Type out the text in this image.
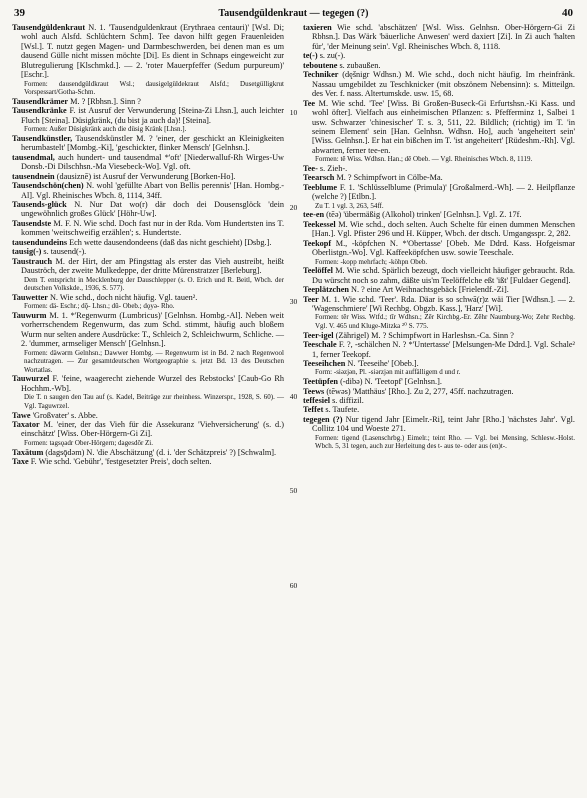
39	Tausendgüldenkraut — tegegen (?)	40

Tausendgüldenkraut N. 1. 'Tausendguldenkraut (Erythraea centauri)' [Wsl. Di; wohl auch Alsfd. Schlüchtern Schm]. Tee davon hilft gegen Frauenleiden [Wsl.]. T. nutzt gegen Magen- und Darmbeschwerden, bei denen man es um dausend Gülle nicht missen möchte [Di]. Es dient in Schnaps eingeweicht zur Blutregulierung [Klschmkd.]. — 2. 'roter Mauerpfeffer (Sedum purpureum)' [Eschr.].

Formen: dausendgüldkraut Wsl.; dausigelgüldekraut Alsfd.; Dusetgülligkrut Vorspessart/Gotha-Schm.

Tausendkrämer M. ? [Rbhsn.]. Sinn ?

Tausendkränke F. ist Ausruf der Verwunderung [Steina-Zi Lhsn.], auch leichter Fluch [Steina]. Düsigkränk, (du bist ja auch da)! [Steina].

Formen: Außer Düsigkränk auch die düsig Kränk [Lhsn.].

Tausendkünstler, Tausendskünstler M. ? 'einer, der geschickt an Kleinigkeiten herumbastelt' [Mombg.-Ki], 'geschickter, flinker Mensch' [Gelnhsn.].

tausendmal, auch hundert- und tausendmal *'oft' [Niederwalluf-Rh Wirges-Uw Donsb.-Di Dilschhsn.-Ma Viesebeck-Wo]. Vgl. oft.

tausendnein (dausiznē) ist Ausruf der Verwunderung [Borken-Ho].

Tausendschön(chen) N. wohl 'gefüllte Abart von Bellis perennis' [Han. Hombg.-Al]. Vgl. Rheinisches Wbch. 8, 1114, 34ff.

Tausends-glück N. Nur Dat wo(r) där doch dei Dousensglöck 'dein ungewöhnlich großes Glück' [Höhr-Uw].

Tausendste M. F. N. Wie schd. Doch fast nur in der Rda. Vom Hundertsten ins T. kommen 'weitschweifig erzählen'; s. Hundertste.

tausendundeins Ech wette dausendondeens (daß das nicht geschieht) [Dsbg.].

tausig(-) s. tausend(-).

Taustrauch M. der Hirt, der am Pfingsttag als erster das Vieh austreibt, heißt Dauströch, der zweite Mulkedeppe, der dritte Mürenstratzer [Berleburg].

Dem T. entspricht in Mecklenburg der Dauschlepper (s. O. Erich und R. Beitl, Wbch. der deutschen Volkskde., 1936, S. 577).

Tauwetter N. Wie schd., doch nicht häufig. Vgl. tauen².

Formen: dä- Eschr.; dǭ- Lhsn.; dū- Obeb.; dǫyə- Rho.

Tauwurm M. 1. *'Regenwurm (Lumbricus)' [Gelnhsn. Hombg.-Al]. Neben weit vorherrschendem Regenwurm, das zum Schd. stimmt, häufig auch bloßem Wurm nur selten andere Ausdrücke: T., Schleich 2, Schleichwurm, Schliche. — 2. 'dummer, armseliger Mensch' [Gelnhsn.].

Formen: däwərm Gelnhsn.; Dawwer Hombg. — Regenwurm ist in Bd. 2 nach Regenwool nachzutragen. — Zur gesamtdeutschen Wortgeographie s. jetzt Bd. 13 des Deutschen Wortatlas.

Tauwurzel F. 'feine, waagerecht ziehende Wurzel des Rebstocks' [Caub-Go Rh Hochhm.-Wb].

Die T. n saugen den Tau auf (s. Kadel, Beiträge zur rheinhess. Winzerspr., 1928, S. 60). — Vgl. Taguwrzel.

Tawe 'Großvater' s. Abbe.

Taxator M. 'einer, der das Vieh für die Assekuranz 'Viehversicherung' (s. d.) einschätzt' [Wiss. Ober-Hörgern-Gi Zi].

Formen: tagsǫadr Ober-Hörgern; dagesdōr Zi.

Taxātum (dagsǭdəm) N. 'die Abschätzung' (d. i. 'der Schätzpreis' ?) [Schwalm].

Taxe F. Wie schd. 'Gebühr', 'festgesetzter Preis', doch selten.

10
20
30
40
50
60

taxieren Wie schd. 'abschätzen' [Wsl. Wiss. Gelnhsn. Ober-Hörgern-Gi Zi Rbhsn.]. Das Wärk 'bäuerliche Anwesen' werd daxiert [Zi]. In Zi auch 'halten für', 'der Meinung sein'. Vgl. Rheinisches Wbch. 8, 1118.

te(-) s. zu(-).

teboutene s. zubaußen.

Techniker (dęšnigr Wdhsn.) M. Wie schd., doch nicht häufig. Im rheinfränk. Nassau umgebildet zu Teschknicker (mit obszönem Nebensinn): s. Mitteilgn. des Ver. f. nass. Altertumskde. usw. 15, 68.

Tee M. Wie schd. 'Tee' [Wiss. Bi Großen-Buseck-Gi Erfurtshsn.-Ki Kass. und wohl öfter]. Vielfach aus einheimischen Pflanzen: s. Pfefferminz 1, Salbei 1 usw. Schwarzer 'chinesischer' T. s. 3, 511, 22. Bildlich; (richtig) im T. 'in seinem Element' sein [Han. Gelnhsn. Wdhsn. Ho], auch 'angeheitert sein' [Wiss. Gelnhsn.]. Er hat ein bißchen im T. 'ist angeheitert' [Rüdeshm.-Rh]. Vgl. abwarten, ferner tee-en.

Formen: tē Wiss. Wdhsn. Han.; dē Obeb. — Vgl. Rheinisches Wbch. 8, 1119.

Tee- s. Zieh-.

Teearsch M. ? Schimpfwort in Cölbe-Ma.

Teeblume F. 1. 'Schlüsselblume (Primula)' [Großalmerd.-Wh]. — 2. Heilpflanze (welche ?) [Etlbn.].

Zu T. 1 vgl. 3, 263, 54ff.

tee-en (tēə) 'übermäßig (Alkohol) trinken' [Gelnhsn.]. Vgl. Z. 17f.

Teekessel M. Wie schd., doch selten. Auch Schelte für einen dummen Menschen [Han.]. Vgl. Pfister 296 und H. Küpper, Wbch. der dtsch. Umgangsspr. 2, 282.

Teekopf M., -köpfchen N. *'Obertasse' [Obeb. Me Ddrd. Kass. Hofgeismar Oberlistgn.-Wo]. Vgl. Kaffeeköpfchen usw. sowie Teeschale.

Formen: -kopp mehrfach; -köhpn Obeb.

Teelöffel M. Wie schd. Spärlich bezeugt, doch vielleicht häufiger gebraucht. Rda. Du würscht noch so zahm, däßte uis'm Teelöffelche eßt 'ißt' [Fuldaer Gegend].

Teeplätzchen N. ? eine Art Weihnachtsgebäck [Frielendf.-Zi].

Teer M. 1. Wie schd. 'Teer'. Rda. Däar is so schwā(r)z wäi Tier [Wdhsn.]. — 2. 'Wagenschmiere' [Wi Rechbg. Obgzb. Kass.], 'Harz' [Wi].

Formen: tēr Wiss. Wtfd.; tīr Wdhsn.; Zēr Kirchbg.-Er. Zēhr Naumburg-Wo; Zehr Rechbg. Vgl. V. 465 und Kluge-Mitzka ²⁰ S. 775.

Teer-igel (Zährigel) M. ? Schimpfwort in Harleshsn.-Ca. Sinn ?

Teeschale F. ?, -schälchen N. ? *'Untertasse' [Melsungen-Me Ddrd.]. Vgl. Schale² 1, ferner Teekopf.

Teeseihchen N. 'Teeseihe' [Obeb.].

Form: -siəzjən, Pl. -siərzjən mit auffälligem d und r.

Teetüpfen (-dibə) N. 'Teetopf' [Gelnhsn.].

Teews (tēwəs) 'Matthäus' [Rho.]. Zu 2, 277, 45ff. nachzutragen.

teffesiel s. diffizil.

Teffet s. Taufete.

tegegen (?) Nur tigend Jahr [Eimelr.-Ri], teint Jahr [Rho.] 'nächstes Jahr'. Vgl. Collitz 104 und Woeste 271.

Formen: tigend (Lasenschrbg.) Eimelr.; teint Rho. — Vgl. bei Mensing, Schlesw.-Holst. Wbch. 5, 31 tegen, auch zur Herleitung des t- aus te- oder aus (en)t-.
